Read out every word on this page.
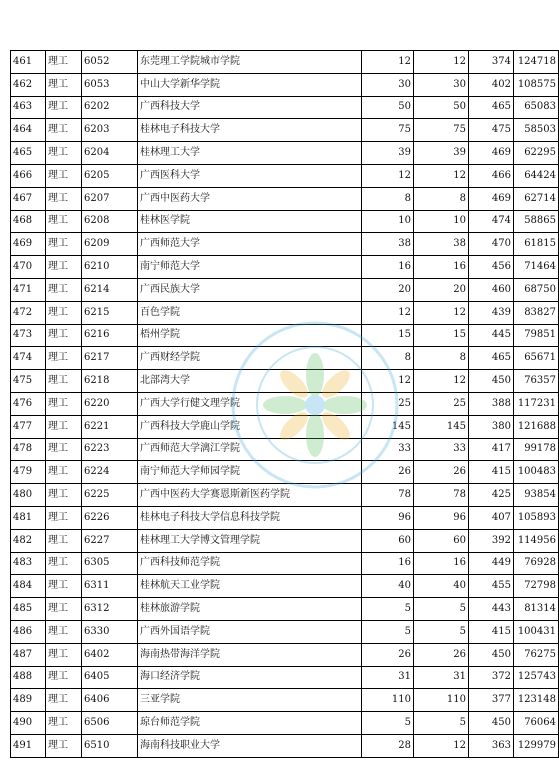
461	理工	6052	东莞理工学院城市学院	12	12	374	124718
462	理工	6053	中山大学新华学院	30	30	402	108575
463	理工	6202	广西科技大学	50	50	465	65083
464	理工	6203	桂林电子科技大学	75	75	475	58503
465	理工	6204	桂林理工大学	39	39	469	62295
466	理工	6205	广西医科大学	12	12	466	64424
467	理工	6207	广西中医药大学	8	8	469	62714
468	理工	6208	桂林医学院	10	10	474	58865
469	理工	6209	广西师范大学	38	38	470	61815
470	理工	6210	南宁师范大学	16	16	456	71464
471	理工	6214	广西民族大学	20	20	460	68750
472	理工	6215	百色学院	12	12	439	83827
473	理工	6216	梧州学院	15	15	445	79851
474	理工	6217	广西财经学院	8	8	465	65671
475	理工	6218	北部湾大学	12	12	450	76357
476	理工	6220	广西大学行健文理学院	25	25	388	117231
477	理工	6221	广西科技大学鹿山学院	145	145	380	121688
478	理工	6223	广西师范大学漓江学院	33	33	417	99178
479	理工	6224	南宁师范大学师园学院	26	26	415	100483
480	理工	6225	广西中医药大学赛恩斯新医药学院	78	78	425	93854
481	理工	6226	桂林电子科技大学信息科技学院	96	96	407	105893
482	理工	6227	桂林理工大学博文管理学院	60	60	392	114956
483	理工	6305	广西科技师范学院	16	16	449	76928
484	理工	6311	桂林航天工业学院	40	40	455	72798
485	理工	6312	桂林旅游学院	5	5	443	81314
486	理工	6330	广西外国语学院	5	5	415	100431
487	理工	6402	海南热带海洋学院	26	26	450	76275
488	理工	6405	海口经济学院	31	31	372	125743
489	理工	6406	三亚学院	110	110	377	123148
490	理工	6506	琼台师范学院	5	5	450	76064
491	理工	6510	海南科技职业大学	28	12	363	129979
